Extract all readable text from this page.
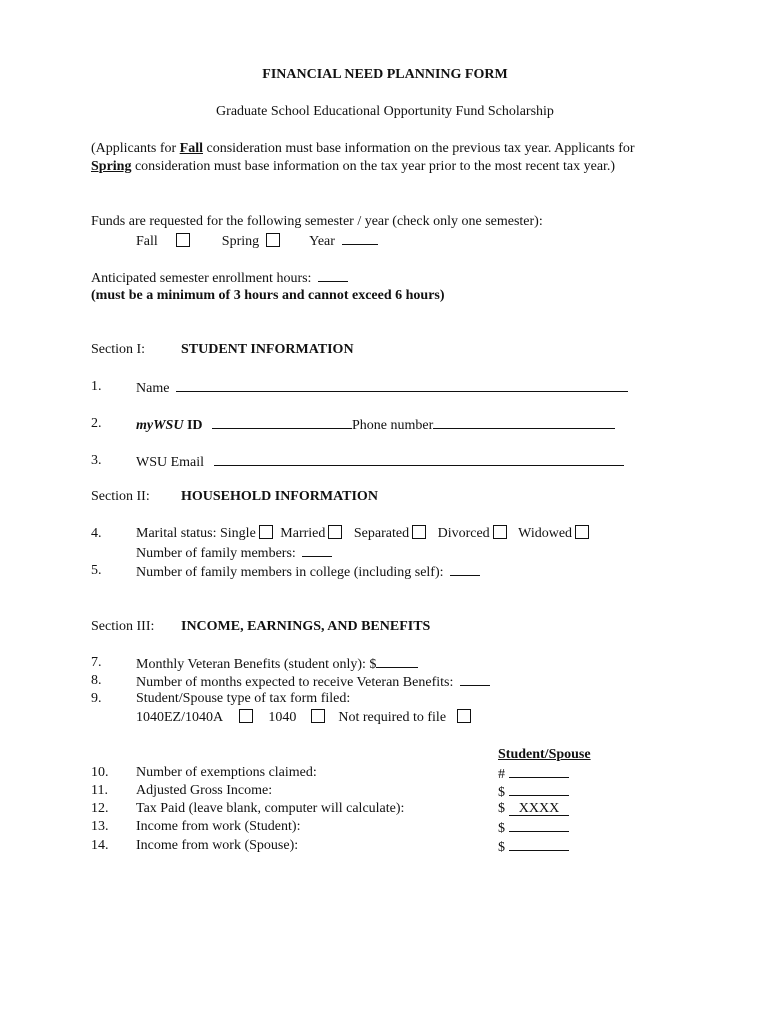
FINANCIAL NEED PLANNING FORM
Graduate School Educational Opportunity Fund Scholarship
(Applicants for Fall consideration must base information on the previous tax year. Applicants for
Spring consideration must base information on the tax year prior to the most recent tax year.)
Funds are requested for the following semester / year (check only one semester):
Fall	Spring	Year
Anticipated semester enrollment hours:
(must be a minimum of 3 hours and cannot exceed 6 hours)
Section I:	STUDENT INFORMATION
1. Name
2. myWSU ID	Phone number
3. WSU Email
Section II: HOUSEHOLD INFORMATION
4. Marital status: Single Married Separated Divorced Widowed
Number of family members:
5. Number of family members in college (including self):
Section III: INCOME, EARNINGS, AND BENEFITS
7. Monthly Veteran Benefits (student only): $
8. Number of months expected to receive Veteran Benefits:
9. Student/Spouse type of tax form filed:
1040EZ/1040A	1040	Not required to file
Student/Spouse
10. Number of exemptions claimed:	#
11. Adjusted Gross Income:	$
12. Tax Paid (leave blank, computer will calculate):	$ XXXX
13. Income from work (Student):	$
14. Income from work (Spouse):	$
